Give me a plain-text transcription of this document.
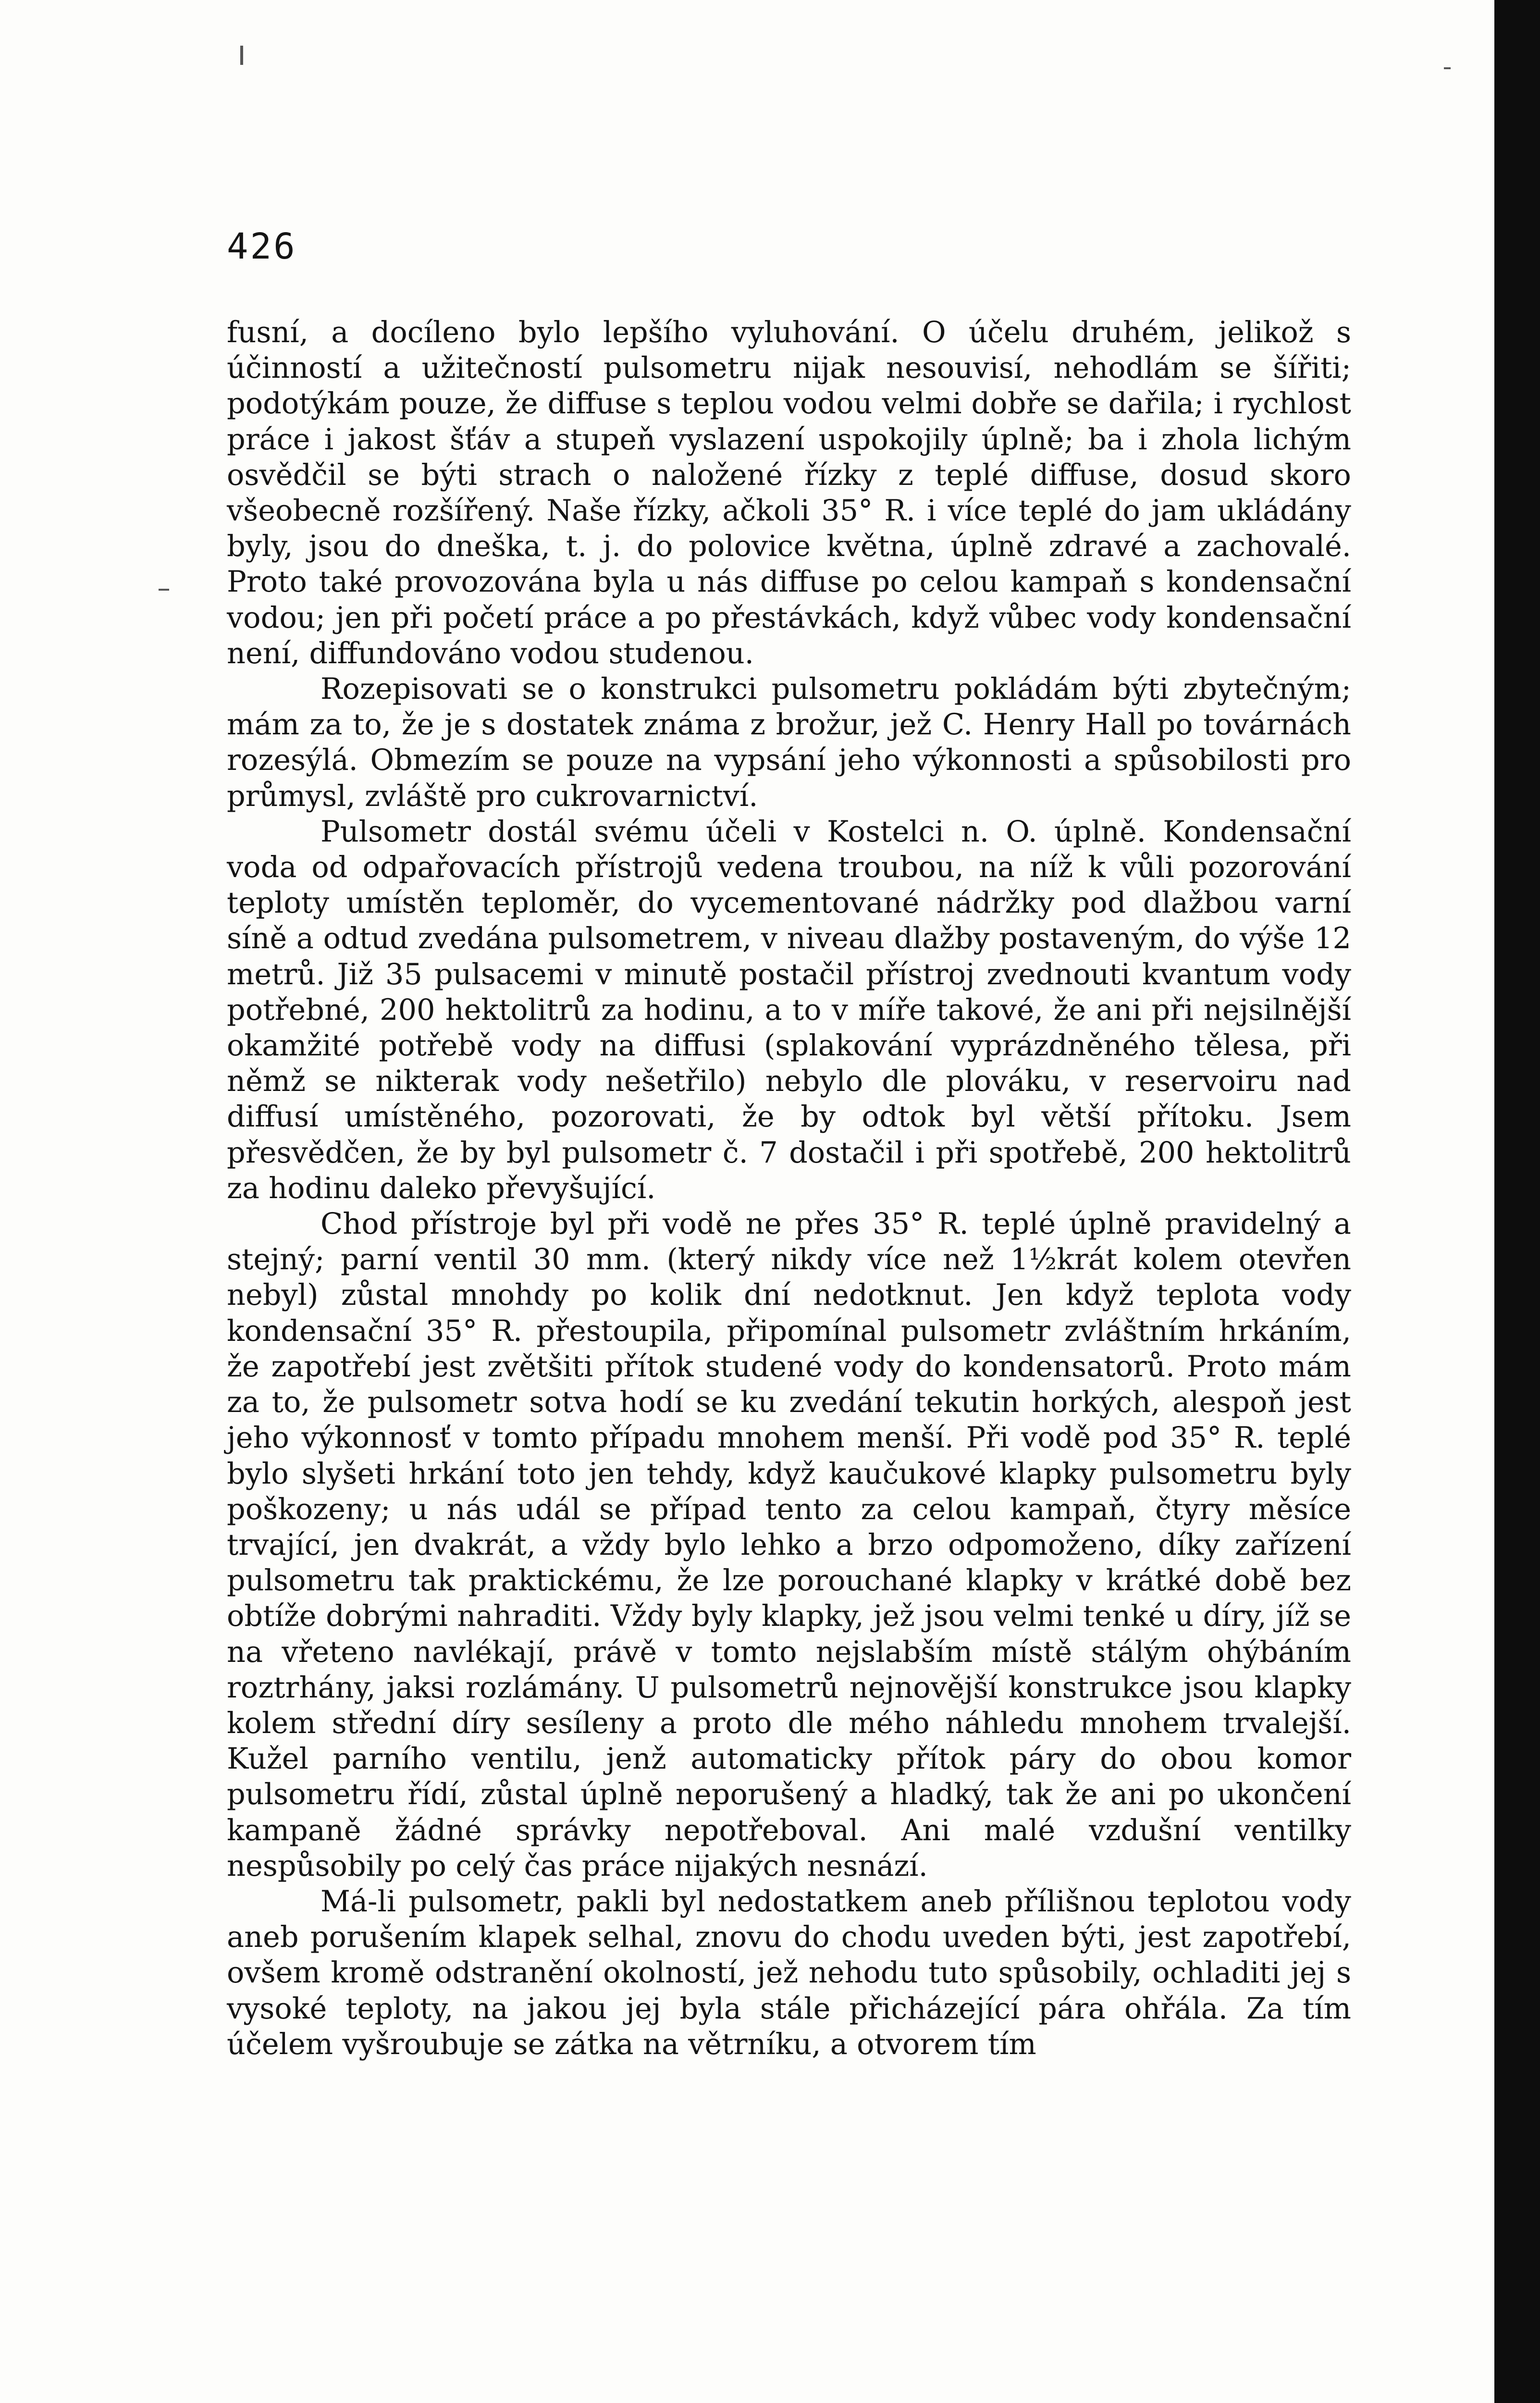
426

fusní, a docíleno bylo lepšího vyluhování. O účelu druhém, jelikož s účinností a užitečností pulsometru nijak nesouvisí, nehodlám se šířiti; podotýkám pouze, že diffuse s teplou vodou velmi dobře se dařila; i rychlost práce i jakost šťáv a stupeň vyslazení uspokojily úplně; ba i zhola lichým osvědčil se býti strach o naložené řízky z teplé diffuse, dosud skoro všeobecně rozšířený. Naše řízky, ačkoli 35° R. i více teplé do jam ukládány byly, jsou do dneška, t. j. do polovice května, úplně zdravé a zachovalé. Proto také provozována byla u nás diffuse po celou kampaň s kondensační vodou; jen při početí práce a po přestávkách, když vůbec vody kondensační není, diffundováno vodou studenou.

Rozepisovati se o konstrukci pulsometru pokládám býti zbytečným; mám za to, že je s dostatek známa z brožur, jež C. Henry Hall po továrnách rozesýlá. Obmezím se pouze na vypsání jeho výkonnosti a spůsobilosti pro průmysl, zvláště pro cukrovarnictví.

Pulsometr dostál svému účeli v Kostelci n. O. úplně. Kondensační voda od odpařovacích přístrojů vedena troubou, na níž k vůli pozorování teploty umístěn teploměr, do vycementované nádržky pod dlažbou varní síně a odtud zvedána pulsometrem, v niveau dlažby postaveným, do výše 12 metrů. Již 35 pulsacemi v minutě postačil přístroj zvednouti kvantum vody potřebné, 200 hektolitrů za hodinu, a to v míře takové, že ani při nejsilnější okamžité potřebě vody na diffusi (splakování vyprázdněného tělesa, při němž se nikterak vody nešetřilo) nebylo dle plováku, v reservoiru nad diffusí umístěného, pozorovati, že by odtok byl větší přítoku. Jsem přesvědčen, že by byl pulsometr č. 7 dostačil i při spotřebě, 200 hektolitrů za hodinu daleko převyšující.

Chod přístroje byl při vodě ne přes 35° R. teplé úplně pravidelný a stejný; parní ventil 30 mm. (který nikdy více než 1½krát kolem otevřen nebyl) zůstal mnohdy po kolik dní nedotknut. Jen když teplota vody kondensační 35° R. přestoupila, připomínal pulsometr zvláštním hrkáním, že zapotřebí jest zvětšiti přítok studené vody do kondensatorů. Proto mám za to, že pulsometr sotva hodí se ku zvedání tekutin horkých, alespoň jest jeho výkonnosť v tomto případu mnohem menší. Při vodě pod 35° R. teplé bylo slyšeti hrkání toto jen tehdy, když kaučukové klapky pulsometru byly poškozeny; u nás udál se případ tento za celou kampaň, čtyry měsíce trvající, jen dvakrát, a vždy bylo lehko a brzo odpomoženo, díky zařízení pulsometru tak praktickému, že lze porouchané klapky v krátké době bez obtíže dobrými nahraditi. Vždy byly klapky, jež jsou velmi tenké u díry, jíž se na vřeteno navlékají, právě v tomto nejslabším místě stálým ohýbáním roztrhány, jaksi rozlámány. U pulsometrů nejnovější konstrukce jsou klapky kolem střední díry sesíleny a proto dle mého náhledu mnohem trvalejší. Kužel parního ventilu, jenž automaticky přítok páry do obou komor pulsometru řídí, zůstal úplně neporušený a hladký, tak že ani po ukončení kampaně žádné správky nepotřeboval. Ani malé vzdušní ventilky nespůsobily po celý čas práce nijakých nesnází.

Má-li pulsometr, pakli byl nedostatkem aneb přílišnou teplotou vody aneb porušením klapek selhal, znovu do chodu uveden býti, jest zapotřebí, ovšem kromě odstranění okolností, jež nehodu tuto spůsobily, ochladiti jej s vysoké teploty, na jakou jej byla stále přicházející pára ohřála. Za tím účelem vyšroubuje se zátka na větrníku, a otvorem tím
